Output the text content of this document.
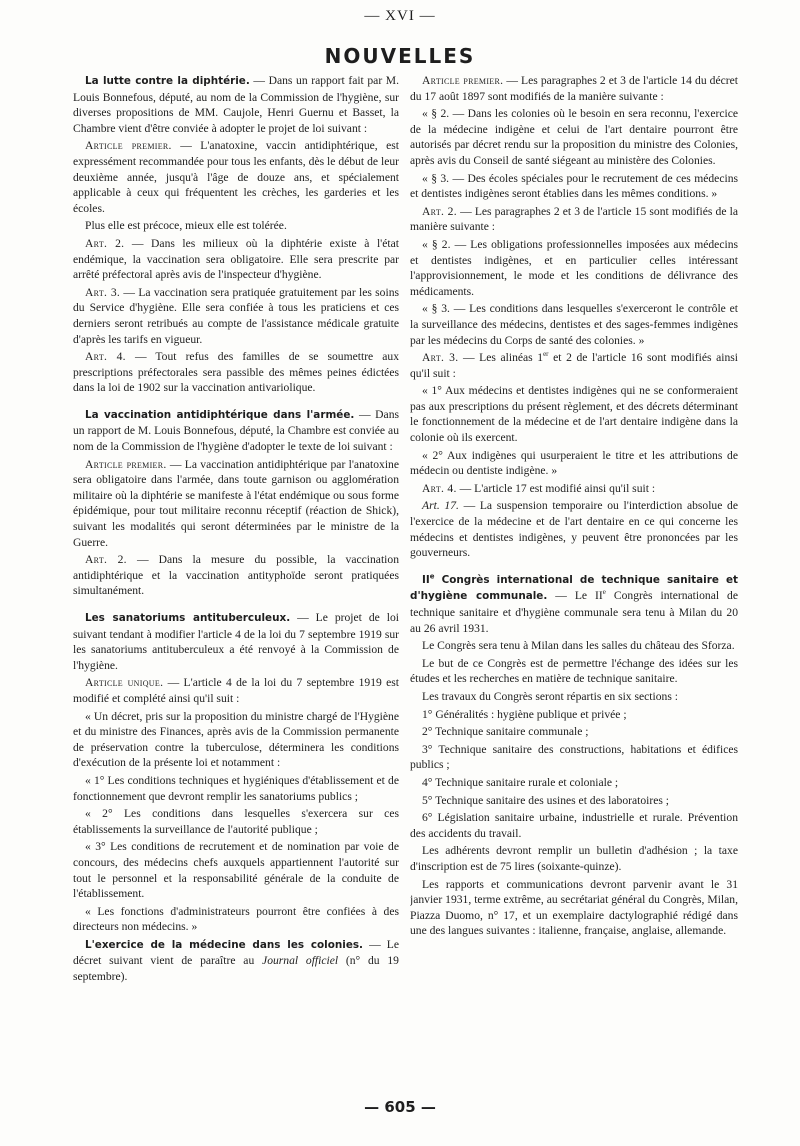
— XVI —
NOUVELLES

La lutte contre la diphtérie. — Dans un rapport fait par M. Louis Bonnefous, député, au nom de la Commission de l'hygiène, sur diverses propositions de MM. Caujole, Henri Guernu et Basset, la Chambre vient d'être conviée à adopter le projet de loi suivant :

Article premier. — L'anatoxine, vaccin antidiphtérique, est expressément recommandée pour tous les enfants, dès le début de leur deuxième année, jusqu'à l'âge de douze ans, et spécialement applicable à ceux qui fréquentent les crèches, les garderies et les écoles.

Plus elle est précoce, mieux elle est tolérée.

Art. 2. — Dans les milieux où la diphtérie existe à l'état endémique, la vaccination sera obligatoire. Elle sera prescrite par arrêté préfectoral après avis de l'inspecteur d'hygiène.

Art. 3. — La vaccination sera pratiquée gratuitement par les soins du Service d'hygiène. Elle sera confiée à tous les praticiens et ces derniers seront retribués au compte de l'assistance médicale gratuite d'après les tarifs en vigueur.

Art. 4. — Tout refus des familles de se soumettre aux prescriptions préfectorales sera passible des mêmes peines édictées dans la loi de 1902 sur la vaccination antivariolique.

La vaccination antidiphtérique dans l'armée. — Dans un rapport de M. Louis Bonnefous, député, la Chambre est conviée au nom de la Commission de l'hygiène d'adopter le texte de loi suivant :

Article premier. — La vaccination antidiphtérique par l'anatoxine sera obligatoire dans l'armée, dans toute garnison ou agglomération militaire où la diphtérie se manifeste à l'état endémique ou sous forme épidémique, pour tout militaire reconnu réceptif (réaction de Shick), suivant les modalités qui seront déterminées par le ministre de la Guerre.

Art. 2. — Dans la mesure du possible, la vaccination antidiphtérique et la vaccination antityphoïde seront pratiquées simultanément.

Les sanatoriums antituberculeux. — Le projet de loi suivant tendant à modifier l'article 4 de la loi du 7 septembre 1919 sur les sanatoriums antituberculeux a été renvoyé à la Commission de l'hygiène.

Article unique. — L'article 4 de la loi du 7 septembre 1919 est modifié et complété ainsi qu'il suit :

« Un décret, pris sur la proposition du ministre chargé de l'Hygiène et du ministre des Finances, après avis de la Commission permanente de préservation contre la tuberculose, déterminera les conditions d'exécution de la présente loi et notamment :

« 1° Les conditions techniques et hygiéniques d'établissement et de fonctionnement que devront remplir les sanatoriums publics ;

« 2° Les conditions dans lesquelles s'exercera sur ces établissements la surveillance de l'autorité publique ;

« 3° Les conditions de recrutement et de nomination par voie de concours, des médecins chefs auxquels appartiennent l'autorité sur tout le personnel et la responsabilité générale de la conduite de l'établissement.

« Les fonctions d'administrateurs pourront être confiées à des directeurs non médecins. »

L'exercice de la médecine dans les colonies. — Le décret suivant vient de paraître au Journal officiel (n° du 19 septembre).

Article premier. — Les paragraphes 2 et 3 de l'article 14 du décret du 17 août 1897 sont modifiés de la manière suivante :

« § 2. — Dans les colonies où le besoin en sera reconnu, l'exercice de la médecine indigène et celui de l'art dentaire pourront être autorisés par décret rendu sur la proposition du ministre des Colonies, après avis du Conseil de santé siégeant au ministère des Colonies.

« § 3. — Des écoles spéciales pour le recrutement de ces médecins et dentistes indigènes seront établies dans les mêmes conditions. »

Art. 2. — Les paragraphes 2 et 3 de l'article 15 sont modifiés de la manière suivante :

« § 2. — Les obligations professionnelles imposées aux médecins et dentistes indigènes, et en particulier celles intéressant l'approvisionnement, le mode et les conditions de délivrance des médicaments.

« § 3. — Les conditions dans lesquelles s'exerceront le contrôle et la surveillance des médecins, dentistes et des sages-femmes indigènes par les médecins du Corps de santé des colonies. »

Art. 3. — Les alinéas 1er et 2 de l'article 16 sont modifiés ainsi qu'il suit :

« 1° Aux médecins et dentistes indigènes qui ne se conformeraient pas aux prescriptions du présent règlement, et des décrets déterminant le fonctionnement de la médecine et de l'art dentaire indigène dans la colonie où ils exercent.

« 2° Aux indigènes qui usurperaient le titre et les attributions de médecin ou dentiste indigène. »

Art. 4. — L'article 17 est modifié ainsi qu'il suit :

Art. 17. — La suspension temporaire ou l'interdiction absolue de l'exercice de la médecine et de l'art dentaire en ce qui concerne les médecins et dentistes indigènes, y peuvent être prononcées par les gouverneurs.

IIe Congrès international de technique sanitaire et d'hygiène communale. — Le IIe Congrès international de technique sanitaire et d'hygiène communale sera tenu à Milan du 20 au 26 avril 1931.

Le Congrès sera tenu à Milan dans les salles du château des Sforza.

Le but de ce Congrès est de permettre l'échange des idées sur les études et les recherches en matière de technique sanitaire.

Les travaux du Congrès seront répartis en six sections :

1° Généralités : hygiène publique et privée ;

2° Technique sanitaire communale ;

3° Technique sanitaire des constructions, habitations et édifices publics ;

4° Technique sanitaire rurale et coloniale ;

5° Technique sanitaire des usines et des laboratoires ;

6° Législation sanitaire urbaine, industrielle et rurale. Prévention des accidents du travail.

Les adhérents devront remplir un bulletin d'adhésion ; la taxe d'inscription est de 75 lires (soixante-quinze).

Les rapports et communications devront parvenir avant le 31 janvier 1931, terme extrême, au secrétariat général du Congrès, Milan, Piazza Duomo, n° 17, et un exemplaire dactylographié rédigé dans une des langues suivantes : italienne, française, anglaise, allemande.

— 605 —
